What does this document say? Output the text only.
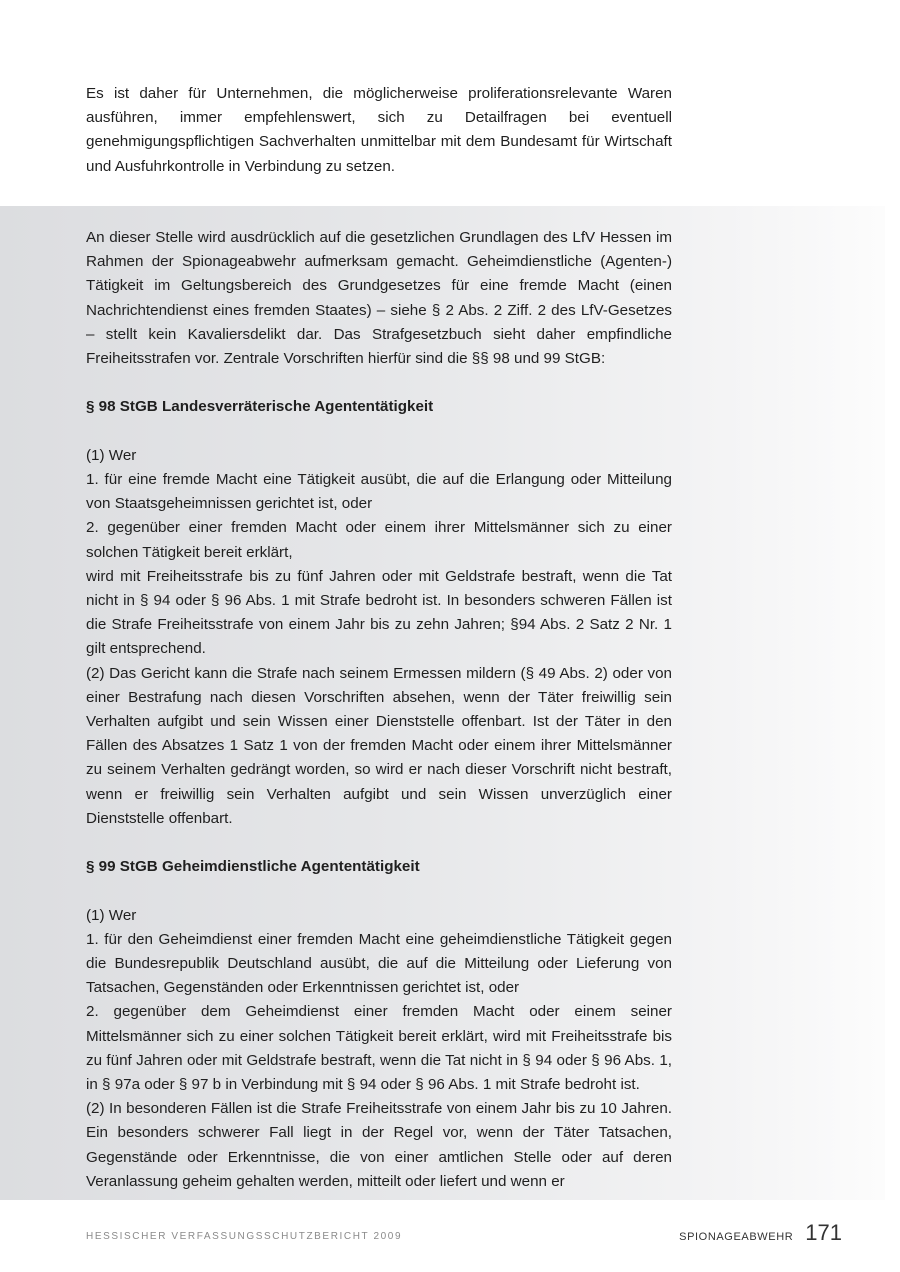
Es ist daher für Unternehmen, die möglicherweise proliferationsrelevante Waren ausführen, immer empfehlenswert, sich zu Detailfragen bei eventuell genehmigungspflichtigen Sachverhalten unmittelbar mit dem Bundesamt für Wirtschaft und Ausfuhrkontrolle in Verbindung zu setzen.

An dieser Stelle wird ausdrücklich auf die gesetzlichen Grundlagen des LfV Hessen im Rahmen der Spionageabwehr aufmerksam gemacht. Geheimdienstliche (Agenten-) Tätigkeit im Geltungsbereich des Grundgesetzes für eine fremde Macht (einen Nachrichtendienst eines fremden Staates) – siehe § 2 Abs. 2 Ziff. 2 des LfV-Gesetzes – stellt kein Kavaliersdelikt dar. Das Strafgesetzbuch sieht daher empfindliche Freiheitsstrafen vor. Zentrale Vorschriften hierfür sind die §§ 98 und 99 StGB:

§ 98 StGB Landesverräterische Agententätigkeit

(1) Wer

1. für eine fremde Macht eine Tätigkeit ausübt, die auf die Erlangung oder Mitteilung von Staatsgeheimnissen gerichtet ist, oder

2. gegenüber einer fremden Macht oder einem ihrer Mittelsmänner sich zu einer solchen Tätigkeit bereit erklärt,

wird mit Freiheitsstrafe bis zu fünf Jahren oder mit Geldstrafe bestraft, wenn die Tat nicht in § 94 oder § 96 Abs. 1 mit Strafe bedroht ist. In besonders schweren Fällen ist die Strafe Freiheitsstrafe von einem Jahr bis zu zehn Jahren; §94 Abs. 2 Satz 2 Nr. 1 gilt entsprechend.

(2) Das Gericht kann die Strafe nach seinem Ermessen mildern (§ 49 Abs. 2) oder von einer Bestrafung nach diesen Vorschriften absehen, wenn der Täter freiwillig sein Verhalten aufgibt und sein Wissen einer Dienststelle offenbart. Ist der Täter in den Fällen des Absatzes 1 Satz 1 von der fremden Macht oder einem ihrer Mittelsmänner zu seinem Verhalten gedrängt worden, so wird er nach dieser Vorschrift nicht bestraft, wenn er freiwillig sein Verhalten aufgibt und sein Wissen unverzüglich einer Dienststelle offenbart.

§ 99 StGB Geheimdienstliche Agententätigkeit

(1) Wer

1. für den Geheimdienst einer fremden Macht eine geheimdienstliche Tätigkeit gegen die Bundesrepublik Deutschland ausübt, die auf die Mitteilung oder Lieferung von Tatsachen, Gegenständen oder Erkenntnissen gerichtet ist, oder

2. gegenüber dem Geheimdienst einer fremden Macht oder einem seiner Mittelsmänner sich zu einer solchen Tätigkeit bereit erklärt, wird mit Freiheitsstrafe bis zu fünf Jahren oder mit Geldstrafe bestraft, wenn die Tat nicht in § 94 oder § 96 Abs. 1, in § 97a oder § 97 b in Verbindung mit § 94 oder § 96 Abs. 1 mit Strafe bedroht ist.

(2) In besonderen Fällen ist die Strafe Freiheitsstrafe von einem Jahr bis zu 10 Jahren. Ein besonders schwerer Fall liegt in der Regel vor, wenn der Täter Tatsachen, Gegenstände oder Erkenntnisse, die von einer amtlichen Stelle oder auf deren Veranlassung geheim gehalten werden, mitteilt oder liefert und wenn er

HESSISCHER VERFASSUNGSSCHUTZBERICHT 2009	SPIONAGEABWEHR 171
